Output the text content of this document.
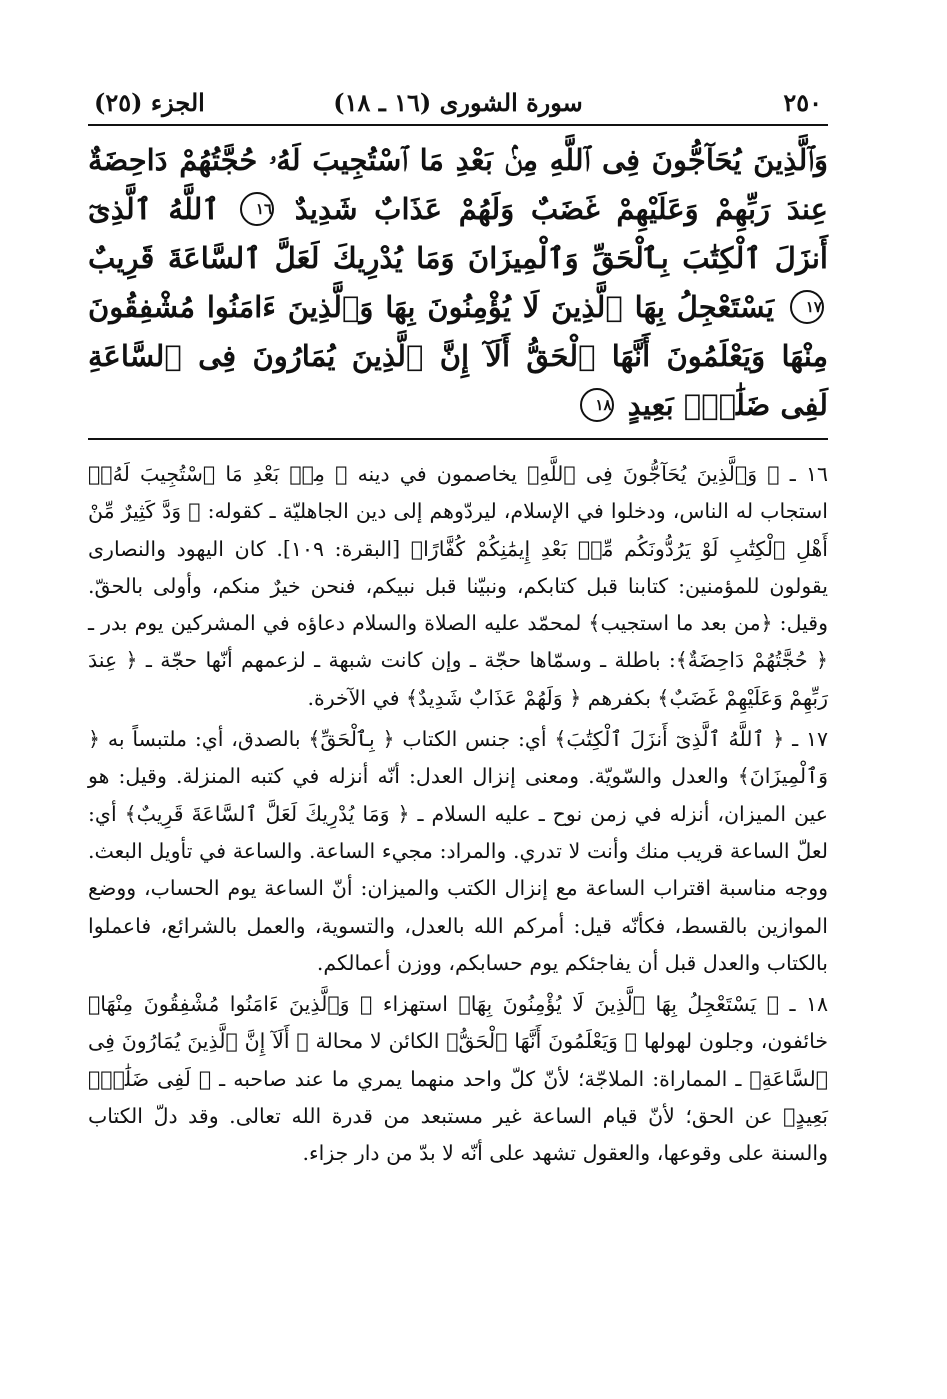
٢٥٠
سورة الشورى (١٦ ـ ١٨)
الجزء (٢٥)
وَٱلَّذِينَ يُحَآجُّونَ فِى ٱللَّهِ مِنۢ بَعْدِ مَا ٱسْتُجِيبَ لَهُۥ حُجَّتُهُمْ دَاحِضَةٌ عِندَ رَبِّهِمْ وَعَلَيْهِمْ غَضَبٌ وَلَهُمْ عَذَابٌ شَدِيدٌ ١٦ ٱللَّهُ ٱلَّذِىٓ أَنزَلَ ٱلْكِتَٰبَ بِٱلْحَقِّ وَٱلْمِيزَانَ وَمَا يُدْرِيكَ لَعَلَّ ٱلسَّاعَةَ قَرِيبٌ ١٧ يَسْتَعْجِلُ بِهَا ٱلَّذِينَ لَا يُؤْمِنُونَ بِهَا وَٱلَّذِينَ ءَامَنُوا مُشْفِقُونَ مِنْهَا وَيَعْلَمُونَ أَنَّهَا ٱلْحَقُّ أَلَآ إِنَّ ٱلَّذِينَ يُمَارُونَ فِى ٱلسَّاعَةِ لَفِى ضَلَٰلٍۭ بَعِيدٍ ١٨

١٦ ـ ﴿ وَٱلَّذِينَ يُحَآجُّونَ فِى ٱللَّهِ﴾ يخاصمون في دينه ﴿ مِنۢ بَعْدِ مَا ٱسْتُجِيبَ لَهُۥ﴾ استجاب له الناس، ودخلوا في الإسلام، ليردّوهم إلى دين الجاهليّة ـ كقوله: ﴿ وَدَّ كَثِيرٌ مِّنْ أَهْلِ ٱلْكِتَٰبِ لَوْ يَرُدُّونَكُم مِّنۢ بَعْدِ إِيمَٰنِكُمْ كُفَّارًا﴾ [البقرة: ١٠٩]. كان اليهود والنصارى يقولون للمؤمنين: كتابنا قبل كتابكم، ونبيّنا قبل نبيكم، فنحن خيرٌ منكم، وأولى بالحقّ. وقيل: ﴿من بعد ما استجيب﴾ لمحمّد عليه الصلاة والسلام دعاؤه في المشركين يوم بدر ـ ﴿ حُجَّتُهُمْ دَاحِضَةٌ﴾: باطلة ـ وسمّاها حجّة ـ وإن كانت شبهة ـ لزعمهم أنّها حجّة ـ ﴿ عِندَ رَبِّهِمْ وَعَلَيْهِمْ غَضَبٌ﴾ بكفرهم ﴿ وَلَهُمْ عَذَابٌ شَدِيدٌ﴾ في الآخرة.

١٧ ـ ﴿ ٱللَّهُ ٱلَّذِىٓ أَنزَلَ ٱلْكِتَٰبَ﴾ أي: جنس الكتاب ﴿ بِٱلْحَقِّ﴾ بالصدق، أي: ملتبساً به ﴿ وَٱلْمِيزَانَ﴾ والعدل والسّويّة. ومعنى إنزال العدل: أنّه أنزله في كتبه المنزلة. وقيل: هو عين الميزان، أنزله في زمن نوح ـ عليه السلام ـ ﴿ وَمَا يُدْرِيكَ لَعَلَّ ٱلسَّاعَةَ قَرِيبٌ﴾ أي: لعلّ الساعة قريب منك وأنت لا تدري. والمراد: مجيء الساعة. والساعة في تأويل البعث. ووجه مناسبة اقتراب الساعة مع إنزال الكتب والميزان: أنّ الساعة يوم الحساب، ووضع الموازين بالقسط، فكأنّه قيل: أمركم الله بالعدل، والتسوية، والعمل بالشرائع، فاعملوا بالكتاب والعدل قبل أن يفاجئكم يوم حسابكم، ووزن أعمالكم.

١٨ ـ ﴿ يَسْتَعْجِلُ بِهَا ٱلَّذِينَ لَا يُؤْمِنُونَ بِهَا﴾ استهزاء ﴿ وَٱلَّذِينَ ءَامَنُوا مُشْفِقُونَ مِنْهَا﴾ خائفون، وجلون لهولها ﴿ وَيَعْلَمُونَ أَنَّهَا ٱلْحَقُّ﴾ الكائن لا محالة ﴿ أَلَآ إِنَّ ٱلَّذِينَ يُمَارُونَ فِى ٱلسَّاعَةِ﴾ ـ المماراة: الملاجّة؛ لأنّ كلّ واحد منهما يمري ما عند صاحبه ـ ﴿ لَفِى ضَلَٰلٍۭ بَعِيدٍ﴾ عن الحق؛ لأنّ قيام الساعة غير مستبعد من قدرة الله تعالى. وقد دلّ الكتاب والسنة على وقوعها، والعقول تشهد على أنّه لا بدّ من دار جزاء.
